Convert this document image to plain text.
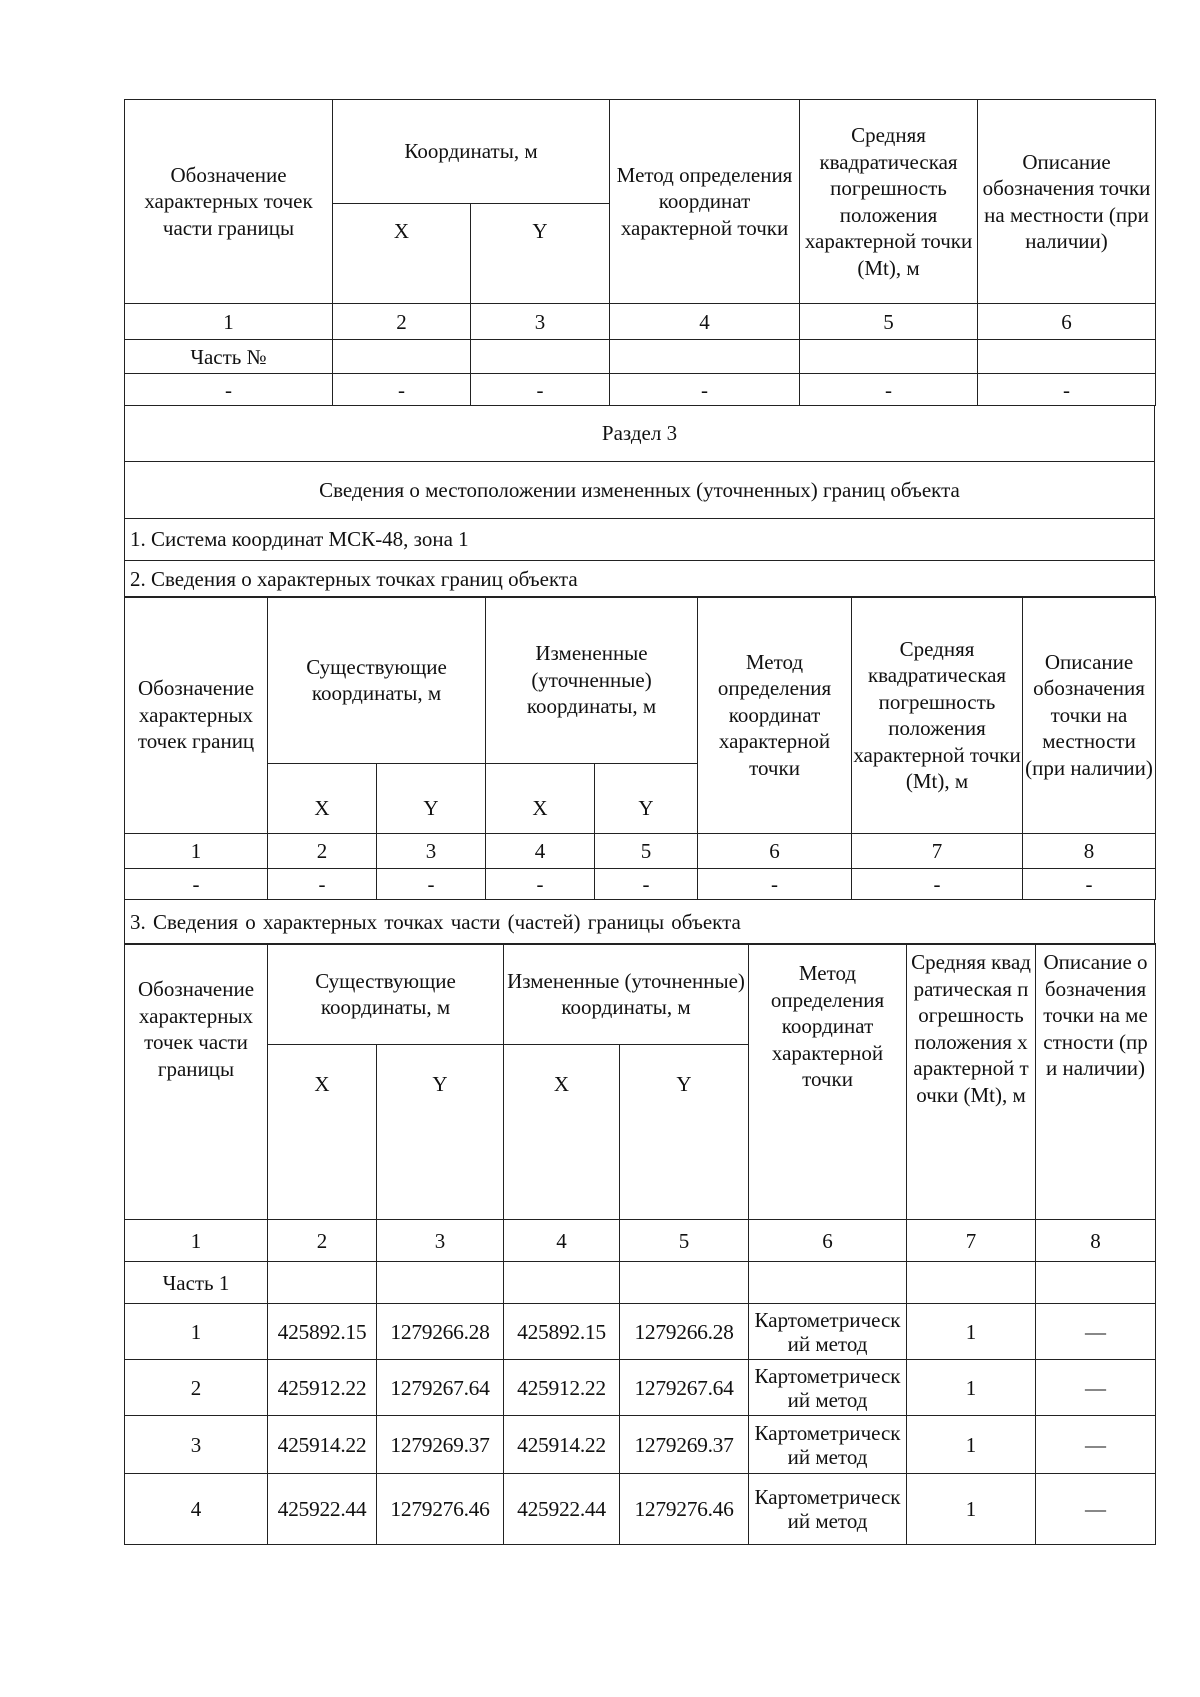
Обозначение характерных точек части границы	Координаты, м		Метод определения координат характерной точки	Средняя квадратическая погрешность положения характерной точки (Mt), м	Описание обозначения точки на местности (при наличии)
	X	Y			
1	2	3	4	5	6
Часть №					
-	-	-	-	-	-
Раздел 3
Сведения о местоположении измененных (уточненных) границ объекта
1. Система координат МСК-48, зона 1
2. Сведения о характерных точках границ объекта
Обозначение характерных точек границ	Существующие координаты, м		Измененные (уточненные) координаты, м		Метод определения координат характерной точки	Средняя квадратическая погрешность положения характерной точки (Mt), м	Описание обозначения точки на местности (при наличии)
	X	Y	X	Y			
1	2	3	4	5	6	7	8
-	-	-	-	-	-	-	-
3. Сведения о характерных точках части (частей) границы объекта
Обозначение характерных точек части границы	Существующие координаты, м		Измененные (уточненные) координаты, м		Метод определения координат характерной точки	Средняя квадратическая погрешность положения характерной точки (Mt), м	Описание обозначения точки на местности (при наличии)
	X	Y	X	Y			
1	2	3	4	5	6	7	8
Часть 1							
1	425892.15	1279266.28	425892.15	1279266.28	Картометрический метод	1	—
2	425912.22	1279267.64	425912.22	1279267.64	Картометрический метод	1	—
3	425914.22	1279269.37	425914.22	1279269.37	Картометрический метод	1	—
4	425922.44	1279276.46	425922.44	1279276.46	Картометрический метод	1	—
